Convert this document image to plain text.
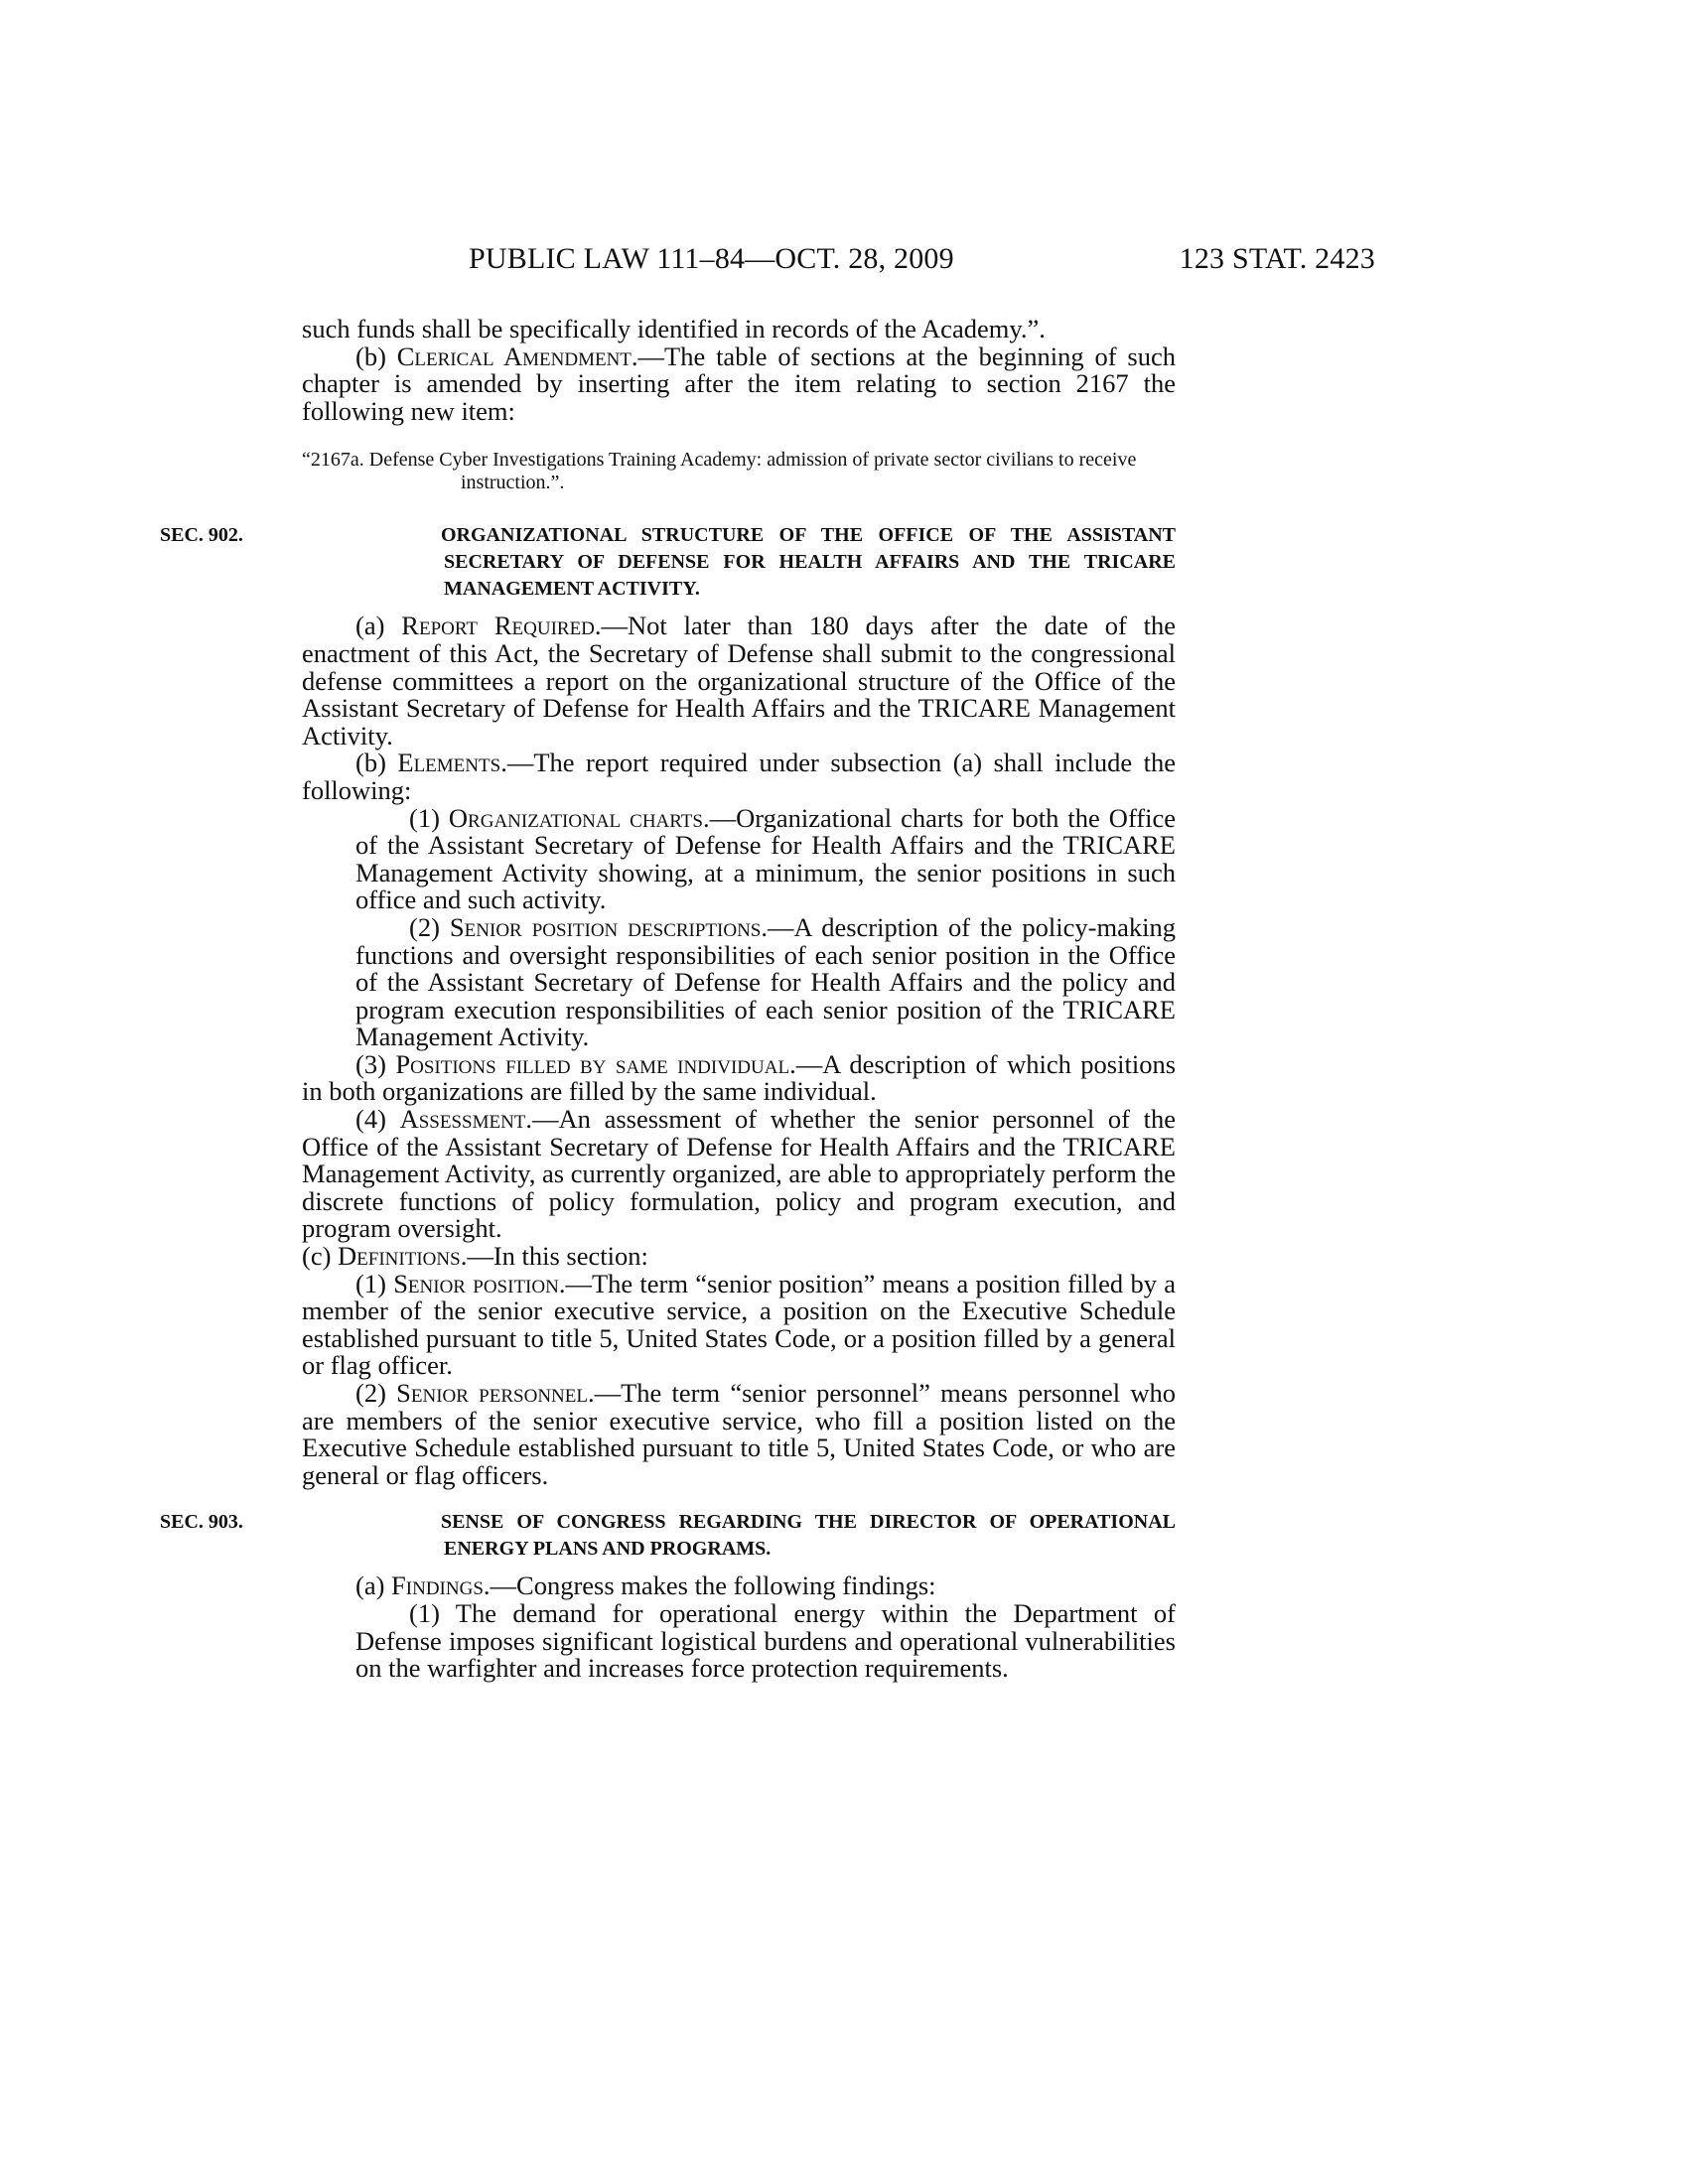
PUBLIC LAW 111–84—OCT. 28, 2009	123 STAT. 2423

such funds shall be specifically identified in records of the Academy.”.

(b) Clerical Amendment.—The table of sections at the beginning of such chapter is amended by inserting after the item relating to section 2167 the following new item:

“2167a. Defense Cyber Investigations Training Academy: admission of private sector civilians to receive instruction.”.

SEC. 902.	ORGANIZATIONAL STRUCTURE OF THE OFFICE OF THE ASSISTANT SECRETARY OF DEFENSE FOR HEALTH AFFAIRS AND THE TRICARE MANAGEMENT ACTIVITY.

(a) Report Required.—Not later than 180 days after the date of the enactment of this Act, the Secretary of Defense shall submit to the congressional defense committees a report on the organizational structure of the Office of the Assistant Secretary of Defense for Health Affairs and the TRICARE Management Activity.

(b) Elements.—The report required under subsection (a) shall include the following:

(1) Organizational charts.—Organizational charts for both the Office of the Assistant Secretary of Defense for Health Affairs and the TRICARE Management Activity showing, at a minimum, the senior positions in such office and such activity.

(2) Senior position descriptions.—A description of the policy-making functions and oversight responsibilities of each senior position in the Office of the Assistant Secretary of Defense for Health Affairs and the policy and program execution responsibilities of each senior position of the TRICARE Management Activity.

(3) Positions filled by same individual.—A description of which positions in both organizations are filled by the same individual.

(4) Assessment.—An assessment of whether the senior personnel of the Office of the Assistant Secretary of Defense for Health Affairs and the TRICARE Management Activity, as currently organized, are able to appropriately perform the discrete functions of policy formulation, policy and program execution, and program oversight.

(c) Definitions.—In this section:

(1) Senior position.—The term “senior position” means a position filled by a member of the senior executive service, a position on the Executive Schedule established pursuant to title 5, United States Code, or a position filled by a general or flag officer.

(2) Senior personnel.—The term “senior personnel” means personnel who are members of the senior executive service, who fill a position listed on the Executive Schedule established pursuant to title 5, United States Code, or who are general or flag officers.

SEC. 903.	SENSE OF CONGRESS REGARDING THE DIRECTOR OF OPERATIONAL ENERGY PLANS AND PROGRAMS.

(a) Findings.—Congress makes the following findings:

(1) The demand for operational energy within the Department of Defense imposes significant logistical burdens and operational vulnerabilities on the warfighter and increases force protection requirements.
